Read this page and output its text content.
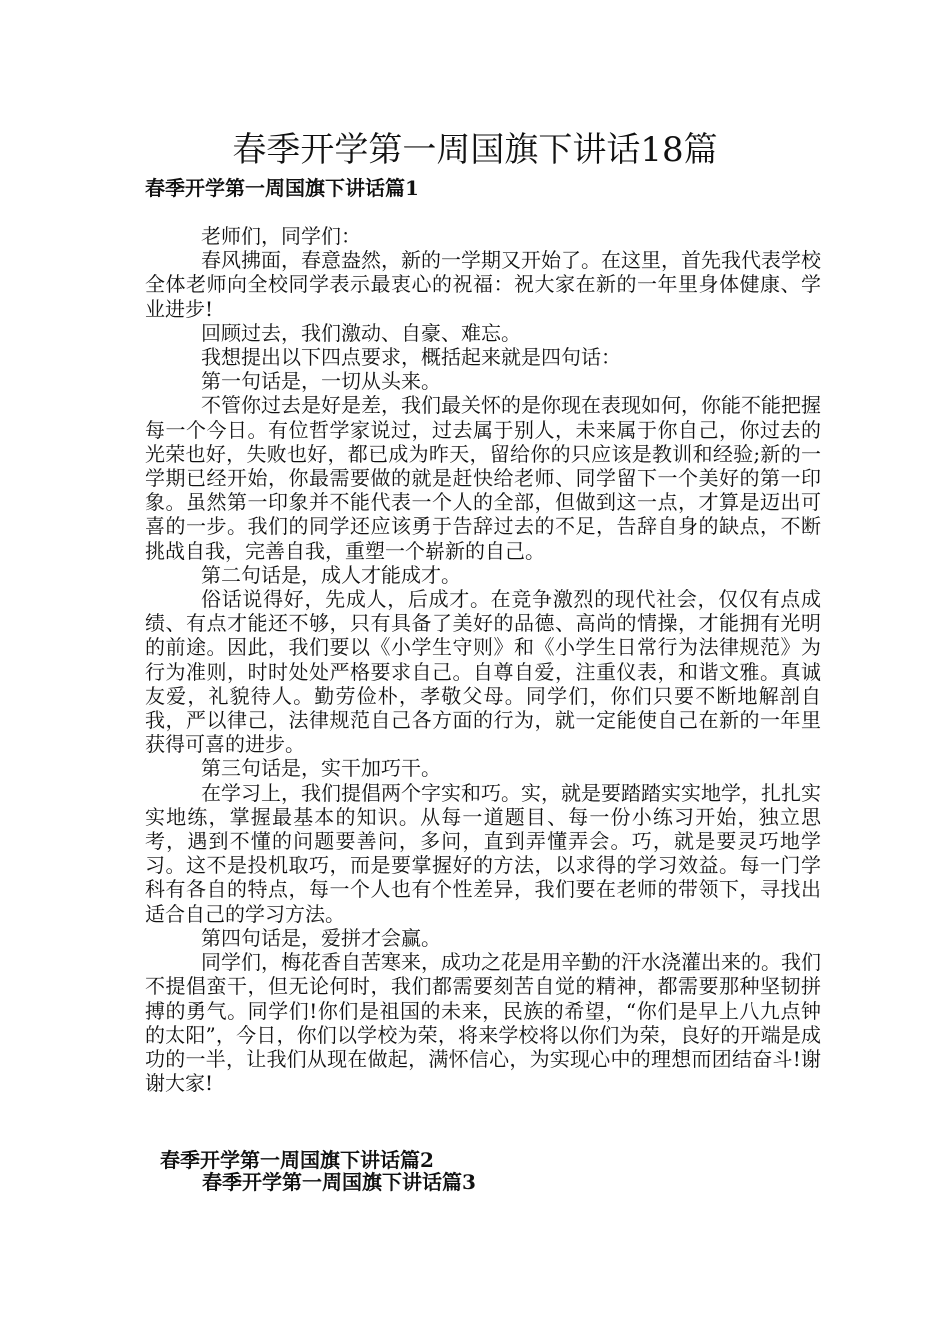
春季开学第一周国旗下讲话18篇
春季开学第一周国旗下讲话篇1

老师们，同学们：

春风拂面，春意盎然，新的一学期又开始了。在这里，首先我代表学校全体老师向全校同学表示最衷心的祝福：祝大家在新的一年里身体健康、学业进步!

回顾过去，我们激动、自豪、难忘。

我想提出以下四点要求，概括起来就是四句话：

第一句话是，一切从头来。

不管你过去是好是差，我们最关怀的是你现在表现如何，你能不能把握每一个今日。有位哲学家说过，过去属于别人，未来属于你自己，你过去的光荣也好，失败也好，都已成为昨天，留给你的只应该是教训和经验;新的一学期已经开始，你最需要做的就是赶快给老师、同学留下一个美好的第一印象。虽然第一印象并不能代表一个人的全部，但做到这一点，才算是迈出可喜的一步。我们的同学还应该勇于告辞过去的不足，告辞自身的缺点，不断挑战自我，完善自我，重塑一个崭新的自己。

第二句话是，成人才能成才。

俗话说得好，先成人，后成才。在竞争激烈的现代社会，仅仅有点成绩、有点才能还不够，只有具备了美好的品德、高尚的情操，才能拥有光明的前途。因此，我们要以《小学生守则》和《小学生日常行为法律规范》为行为准则，时时处处严格要求自己。自尊自爱，注重仪表，和谐文雅。真诚友爱，礼貌待人。勤劳俭朴，孝敬父母。同学们，你们只要不断地解剖自我，严以律己，法律规范自己各方面的行为，就一定能使自己在新的一年里获得可喜的进步。

第三句话是，实干加巧干。

在学习上，我们提倡两个字实和巧。实，就是要踏踏实实地学，扎扎实实地练，掌握最基本的知识。从每一道题目、每一份小练习开始，独立思考，遇到不懂的问题要善问，多问，直到弄懂弄会。巧，就是要灵巧地学习。这不是投机取巧，而是要掌握好的方法，以求得的学习效益。每一门学科有各自的特点，每一个人也有个性差异，我们要在老师的带领下，寻找出适合自己的学习方法。

第四句话是，爱拼才会赢。

同学们，梅花香自苦寒来，成功之花是用辛勤的汗水浇灌出来的。我们不提倡蛮干，但无论何时，我们都需要刻苦自觉的精神，都需要那种坚韧拼搏的勇气。同学们!你们是祖国的未来，民族的希望，“你们是早上八九点钟的太阳”，今日，你们以学校为荣，将来学校将以你们为荣，良好的开端是成功的一半，让我们从现在做起，满怀信心，为实现心中的理想而团结奋斗!谢谢大家!

春季开学第一周国旗下讲话篇2
春季开学第一周国旗下讲话篇3
